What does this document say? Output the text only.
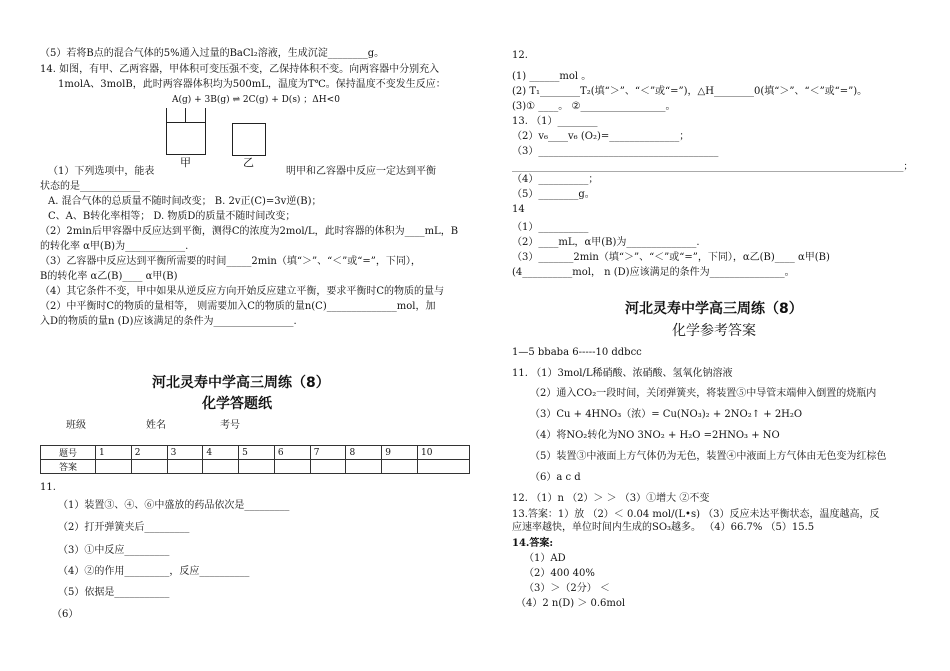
（5）若将B点的混合气体的5%通入过量的BaCl₂溶液，生成沉淀________g。
14. 如图，有甲、乙两容器，甲体积可变压强不变，乙保持体积不变。向两容器中分别充入
1molA、3molB，此时两容器体积均为500mL，温度为T℃。保持温度不变发生反应：
A(g) + 3B(g) ⇌ 2C(g) + D(s) ；ΔH<0
甲	乙
（1）下列选项中，能表	明甲和乙容器中反应一定达到平衡
状态的是____________
A. 混合气体的总质量不随时间改变； B. 2v正(C)=3v逆(B)；
C、A、B转化率相等； D. 物质D的质量不随时间改变；
（2）2min后甲容器中反应达到平衡，测得C的浓度为2mol/L，此时容器的体积为____mL，B
的转化率 α甲(B)为____________.
（3）乙容器中反应达到平衡所需要的时间_____2min（填“＞”、“＜”或“=”，下同），
B的转化率 α乙(B)____ α甲(B)
（4）其它条件不变，甲中如果从逆反应方向开始反应建立平衡，要求平衡时C的物质的量与
（2）中平衡时C的物质的量相等， 则需要加入C的物质的量n(C)______________mol，加
入D的物质的量n (D)应该满足的条件为________________.
河北灵寿中学高三周练（8）
化学答题纸
班级	姓名	考号
题号	1	2	3	4	5	6	7	8	9	10
答案										
11.
（1）装置③、④、⑥中盛放的药品依次是_________
（2）打开弹簧夹后_________
（3）①中反应_________
（4）②的作用_________，反应__________
（5）依据是___________
（6）
12.
(1) ______mol 。
(2) T₁________T₂(填“＞”、“＜”或“=”)，△H________0(填“＞”、“＜”或“=”)。
(3)① ____。 ②_________________。
13. （1）________
（2）v₆____v₆ (O₂)=______________；
（3）____________________________________
_______________________________________________________________________________________；
（4）__________；
（5）________g。
14
（1）__________
（2）____mL，α甲(B)为______________.
（3）_______2min（填“＞”、“＜”或“=”，下同），α乙(B)____ α甲(B)
(4__________mol， n (D)应该满足的条件为_______________。
河北灵寿中学高三周练（8）
化学参考答案
1—5 bbaba 6-----10 ddbcc
11. （1）3mol/L稀硝酸、浓硝酸、氢氧化钠溶液
（2）通入CO₂一段时间，关闭弹簧夹，将装置⑤中导管末端伸入倒置的烧瓶内
（3）Cu + 4HNO₃（浓）= Cu(NO₃)₂ + 2NO₂↑ + 2H₂O
（4）将NO₂转化为NO 3NO₂ + H₂O =2HNO₃ + NO
（5）装置③中液面上方气体仍为无色，装置④中液面上方气体由无色变为红棕色
（6）a c d
12. （1）n （2）＞ ＞ （3）①增大 ②不变
13.答案：1）放 （2）＜ 0.04 mol/(L•s) （3）反应未达平衡状态，温度越高，反
应速率越快，单位时间内生成的SO₃越多。 （4）66.7% （5）15.5
14.答案:
（1）AD
（2）400 40%
（3）＞（2分） ＜
（4）2 n(D) ＞ 0.6mol
